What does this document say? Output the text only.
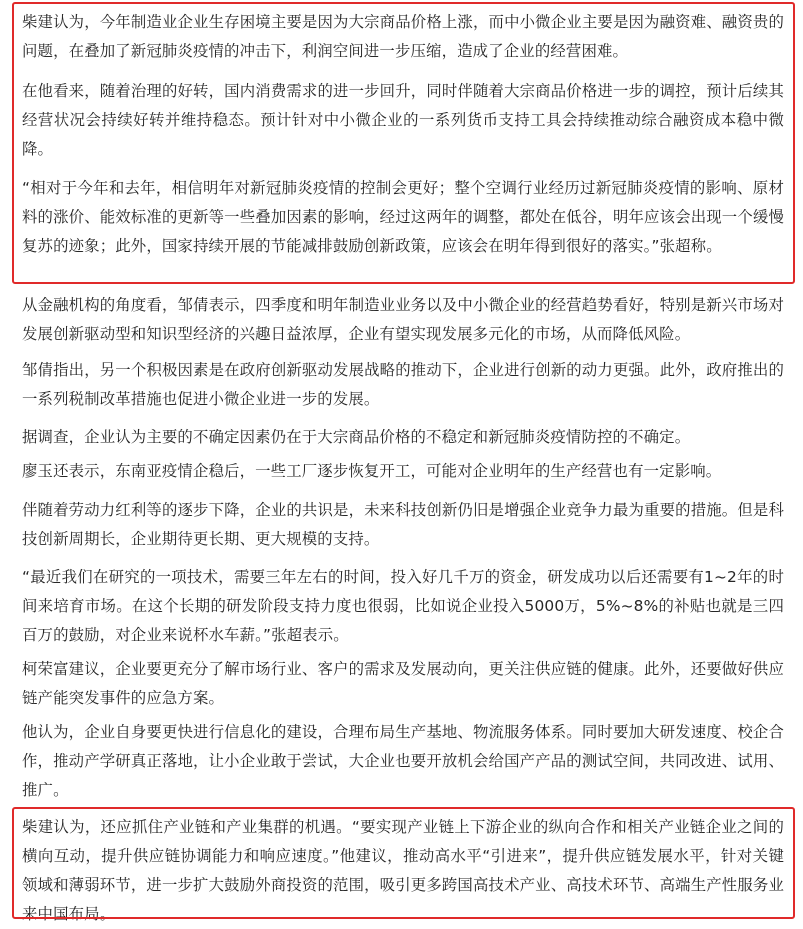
柴建认为，今年制造业企业生存困境主要是因为大宗商品价格上涨，而中小微企业主要是因为融资难、融资贵的问题，在叠加了新冠肺炎疫情的冲击下，利润空间进一步压缩，造成了企业的经营困难。

在他看来，随着治理的好转，国内消费需求的进一步回升，同时伴随着大宗商品价格进一步的调控，预计后续其经营状况会持续好转并维持稳态。预计针对中小微企业的一系列货币支持工具会持续推动综合融资成本稳中微降。

“相对于今年和去年，相信明年对新冠肺炎疫情的控制会更好；整个空调行业经历过新冠肺炎疫情的影响、原材料的涨价、能效标准的更新等一些叠加因素的影响，经过这两年的调整，都处在低谷，明年应该会出现一个缓慢复苏的迹象；此外，国家持续开展的节能减排鼓励创新政策，应该会在明年得到很好的落实。”张超称。

从金融机构的角度看，邹倩表示，四季度和明年制造业业务以及中小微企业的经营趋势看好，特别是新兴市场对发展创新驱动型和知识型经济的兴趣日益浓厚，企业有望实现发展多元化的市场，从而降低风险。

邹倩指出，另一个积极因素是在政府创新驱动发展战略的推动下，企业进行创新的动力更强。此外，政府推出的一系列税制改革措施也促进小微企业进一步的发展。

据调查，企业认为主要的不确定因素仍在于大宗商品价格的不稳定和新冠肺炎疫情防控的不确定。

廖玉还表示，东南亚疫情企稳后，一些工厂逐步恢复开工，可能对企业明年的生产经营也有一定影响。

伴随着劳动力红利等的逐步下降，企业的共识是，未来科技创新仍旧是增强企业竞争力最为重要的措施。但是科技创新周期长，企业期待更长期、更大规模的支持。

“最近我们在研究的一项技术，需要三年左右的时间，投入好几千万的资金，研发成功以后还需要有1~2年的时间来培育市场。在这个长期的研发阶段支持力度也很弱，比如说企业投入5000万，5%~8%的补贴也就是三四百万的鼓励，对企业来说杯水车薪。”张超表示。

柯荣富建议，企业要更充分了解市场行业、客户的需求及发展动向，更关注供应链的健康。此外，还要做好供应链产能突发事件的应急方案。

他认为，企业自身要更快进行信息化的建设，合理布局生产基地、物流服务体系。同时要加大研发速度、校企合作，推动产学研真正落地，让小企业敢于尝试，大企业也要开放机会给国产产品的测试空间，共同改进、试用、推广。

柴建认为，还应抓住产业链和产业集群的机遇。“要实现产业链上下游企业的纵向合作和相关产业链企业之间的横向互动，提升供应链协调能力和响应速度。”他建议，推动高水平“引进来”，提升供应链发展水平，针对关键领域和薄弱环节，进一步扩大鼓励外商投资的范围，吸引更多跨国高技术产业、高技术环节、高端生产性服务业来中国布局。
